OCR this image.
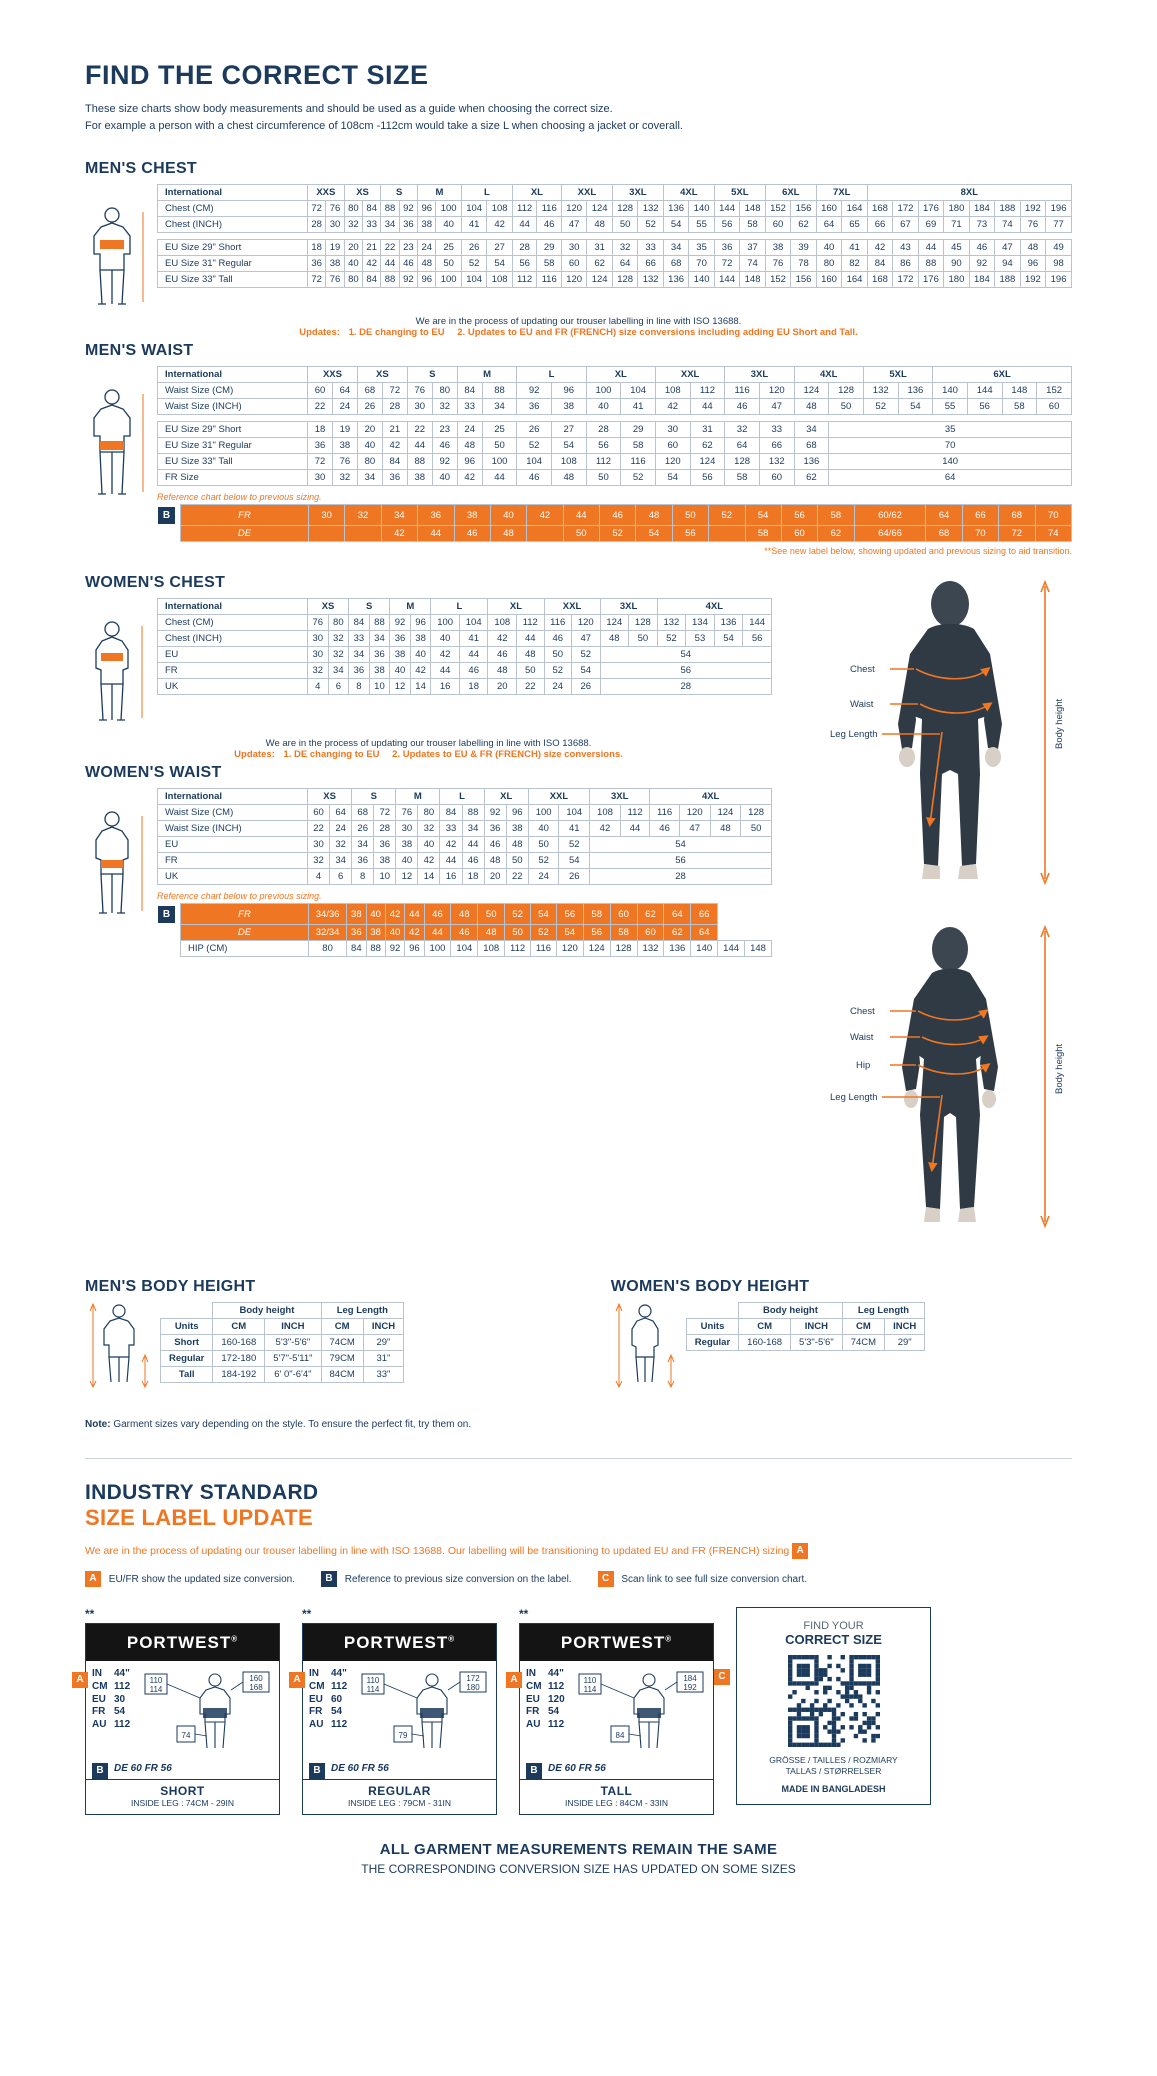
FIND THE CORRECT SIZE
These size charts show body measurements and should be used as a guide when choosing the correct size.
For example a person with a chest circumference of 108cm -112cm would take a size L when choosing a jacket or coverall.
MEN'S CHEST
International	XXS		XS		S		M		L		XL		XXL		3XL		4XL		5XL		6XL		7XL		8XL							
Chest (CM)	72	76	80	84	88	92	96	100	104	108	112	116	120	124	128	132	136	140	144	148	152	156	160	164	168	172	176	180	184	188	192	196
Chest (INCH)	28	30	32	33	34	36	38	40	41	42	44	46	47	48	50	52	54	55	56	58	60	62	64	65	66	67	69	71	73	74	76	77

EU Size 29" Short	18	19	20	21	22	23	24	25	26	27	28	29	30	31	32	33	34	35	36	37	38	39	40	41	42	43	44	45	46	47	48	49
EU Size 31" Regular	36	38	40	42	44	46	48	50	52	54	56	58	60	62	64	66	68	70	72	74	76	78	80	82	84	86	88	90	92	94	96	98
EU Size 33" Tall	72	76	80	84	88	92	96	100	104	108	112	116	120	124	128	132	136	140	144	148	152	156	160	164	168	172	176	180	184	188	192	196
We are in the process of updating our trouser labelling in line with ISO 13688.
Updates: 1. DE changing to EU 2. Updates to EU and FR (FRENCH) size conversions including adding EU Short and Tall.
MEN'S WAIST
International	XXS		XS		S		M		L		XL		XXL		3XL		4XL		5XL		6XL			
Waist Size (CM)	60	64	68	72	76	80	84	88	92	96	100	104	108	112	116	120	124	128	132	136	140	144	148	152
Waist Size (INCH)	22	24	26	28	30	32	33	34	36	38	40	41	42	44	46	47	48	50	52	54	55	56	58	60

EU Size 29" Short	18	19	20	21	22	23	24	25	26	27	28	29	30	31	32	33	34	35						
EU Size 31" Regular	36	38	40	42	44	46	48	50	52	54	56	58	60	62	64	66	68	70						
EU Size 33" Tall	72	76	80	84	88	92	96	100	104	108	112	116	120	124	128	132	136	140						
FR Size	30	32	34	36	38	40	42	44	46	48	50	52	54	56	58	60	62	64						
Reference chart below to previous sizing.
B	FR	30	32	34	36	38	40	42	44	46	48	50	52	54	56	58	60/62	64	66	68	70
	DE			42	44	46	48		50	52	54	56		58	60	62	64/66	68	70	72	74
**See new label below, showing updated and previous sizing to aid transition.
WOMEN'S CHEST
International	XS		S		M		L		XL		XXL		3XL		4XL			
Chest (CM)	76	80	84	88	92	96	100	104	108	112	116	120	124	128	132	134	136	144
Chest (INCH)	30	32	33	34	36	38	40	41	42	44	46	47	48	50	52	53	54	56
EU	30	32	34	36	38	40	42	44	46	48	50	52	54					
FR	32	34	36	38	40	42	44	46	48	50	52	54	56					
UK	4	6	8	10	12	14	16	18	20	22	24	26	28					
We are in the process of updating our trouser labelling in line with ISO 13688.
Updates: 1. DE changing to EU 2. Updates to EU & FR (FRENCH) size conversions.
WOMEN'S WAIST
International	XS		S		M		L		XL		XXL		3XL		4XL			
Waist Size (CM)	60	64	68	72	76	80	84	88	92	96	100	104	108	112	116	120	124	128
Waist Size (INCH)	22	24	26	28	30	32	33	34	36	38	40	41	42	44	46	47	48	50
EU	30	32	34	36	38	40	42	44	46	48	50	52	54					
FR	32	34	36	38	40	42	44	46	48	50	52	54	56					
UK	4	6	8	10	12	14	16	18	20	22	24	26	28					
Reference chart below to previous sizing.
B	FR	34/36	38	40	42	44	46	48	50	52	54	56	58	60	62	64	66		
	DE	32/34	36	38	40	42	44	46	48	50	52	54	56	58	60	62	64		
	HIP (CM)	80	84	88	92	96	100	104	108	112	116	120	124	128	132	136	140	144	148
Chest
Waist
Leg Length	Body height

Chest
Waist
Hip
Leg Length
Body height
MEN'S BODY HEIGHT
	Body height		Leg Length	
Units	CM	INCH	CM	INCH
Short	160-168	5'3"-5'6"	74CM	29"
Regular	172-180	5'7"-5'11"	79CM	31"
Tall	184-192	6' 0"-6'4"	84CM	33"
WOMEN'S BODY HEIGHT
	Body height		Leg Length	
Units	CM	INCH	CM	INCH
Regular	160-168	5'3"-5'6"	74CM	29"
Note: Garment sizes vary depending on the style. To ensure the perfect fit, try them on.
INDUSTRY STANDARD
SIZE LABEL UPDATE
We are in the process of updating our trouser labelling in line with ISO 13688. Our labelling will be transitioning to updated EU and FR (FRENCH) sizing A
A EU/FR show the updated size conversion.	B Reference to previous size conversion on the label.	C Scan link to see full size conversion chart.
**
PORTWEST®
A
IN 44"
CM 112
EU 30
FR 54
AU 112
110
114
160
168
74
B	DE 60 FR 56
SHORT
INSIDE LEG : 74CM - 29IN
**
PORTWEST®
A
IN 44"
CM 112
EU 60
FR 54
AU 112
110
114
172
180
79
B	DE 60 FR 56
REGULAR
INSIDE LEG : 79CM - 31IN
**
PORTWEST®
A
IN 44"
CM 112
EU 120
FR 54
AU 112
110
114
184
192
84
B	DE 60 FR 56
TALL
INSIDE LEG : 84CM - 33IN
C
FIND YOUR
CORRECT SIZE
GRÖSSE / TAILLES / ROZMIARY
TALLAS / STØRRELSER
MADE IN BANGLADESH
ALL GARMENT MEASUREMENTS REMAIN THE SAME
THE CORRESPONDING CONVERSION SIZE HAS UPDATED ON SOME SIZES
